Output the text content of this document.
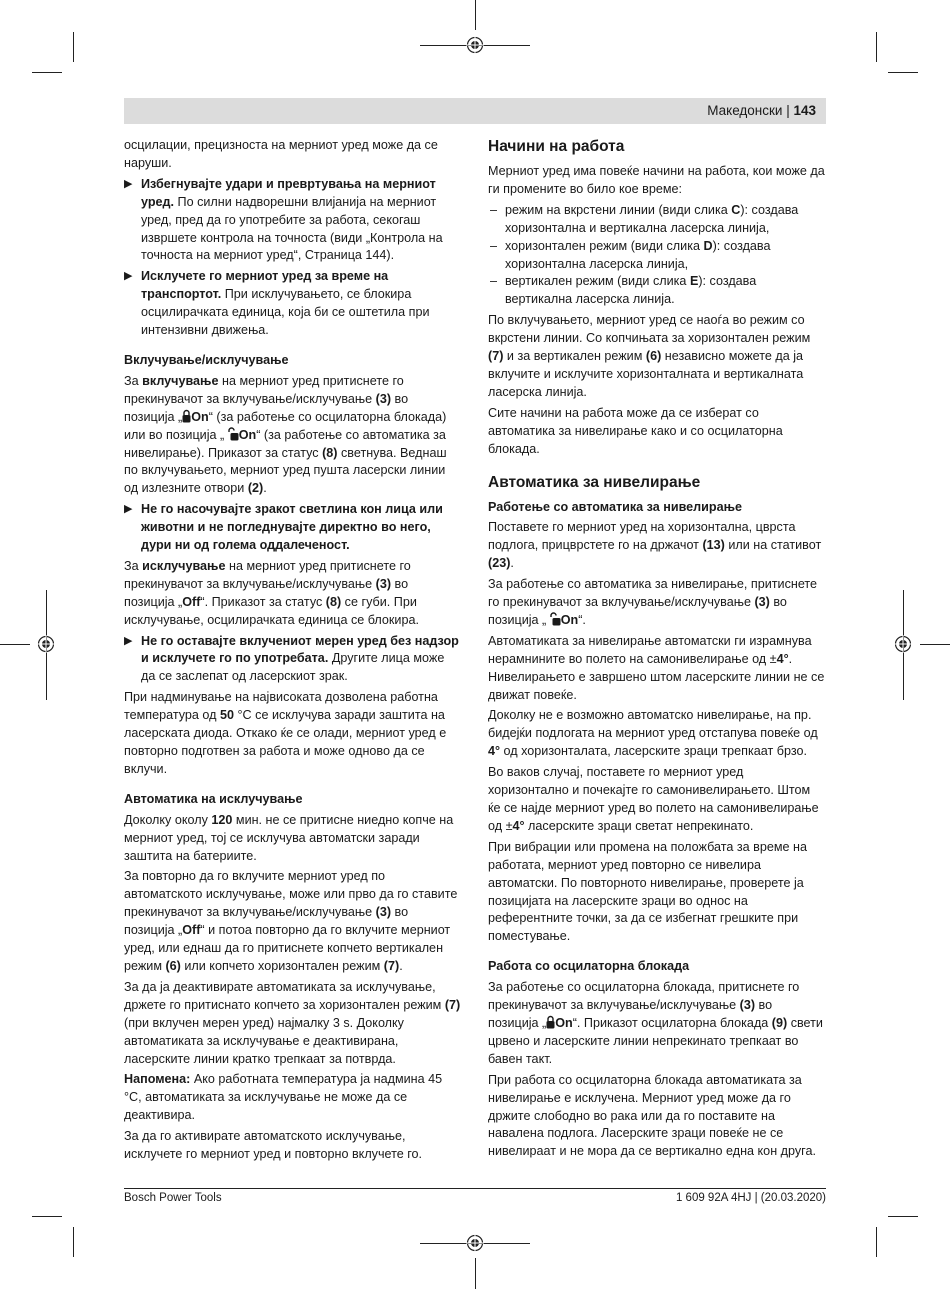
Македонски | 143

осцилации, прецизноста на мерниот уред може да се наруши.

▶ Избегнувајте удари и превртувања на мерниот уред. По силни надворешни влијанија на мерниот уред, пред да го употребите за работа, секогаш извршете контрола на точноста (види „Контрола на точноста на мерниот уред“, Страница 144).
▶ Исклучете го мерниот уред за време на транспортот. При исклучувањето, се блокира осцилирачката единица, која би се оштетила при интензивни движења.
Вклучување/исклучување

За вклучување на мерниот уред притиснете го прекинувачот за вклучување/исклучување (3) во позиција „ On“ (за работење со осцилаторна блокада) или во позиција „ On“ (за работење со автоматика за нивелирање). Приказот за статус (8) светнува. Веднаш по вклучувањето, мерниот уред пушта ласерски линии од излезните отвори (2).

▶ Не го насочувајте зракот светлина кон лица или животни и не погледнувајте директно во него, дури ни од голема оддалеченост.

За исклучување на мерниот уред притиснете го прекинувачот за вклучување/исклучување (3) во позиција „Off“. Приказот за статус (8) се губи. При исклучување, осцилирачката единица се блокира.

▶ Не го оставајте вклучениот мерен уред без надзор и исклучете го по употребата. Другите лица може да се заслепат од ласерскиот зрак.

При надминување на највисоката дозволена работна температура од 50 °C се исклучува заради заштита на ласерската диода. Откако ќе се олади, мерниот уред е повторно подготвен за работа и може одново да се вклучи.

Автоматика на исклучување

Доколку околу 120 мин. не се притисне ниедно копче на мерниот уред, тој се исклучува автоматски заради заштита на батериите.

За повторно да го вклучите мерниот уред по автоматското исклучување, може или прво да го ставите прекинувачот за вклучување/исклучување (3) во позиција „Off“ и потоа повторно да го вклучите мерниот уред, или еднаш да го притиснете копчето вертикален режим (6) или копчето хоризонтален режим (7).

За да ја деактивирате автоматиката за исклучување, држете го притиснато копчето за хоризонтален режим (7) (при вклучен мерен уред) најмалку 3 s. Доколку автоматиката за исклучување е деактивирана, ласерските линии кратко трепкаат за потврда.

Напомена: Ако работната температура ја надмина 45 °C, автоматиката за исклучување не може да се деактивира.

За да го активирате автоматското исклучување, исклучете го мерниот уред и повторно вклучете го.

Начини на работа

Мерниот уред има повеќе начини на работа, кои може да ги промените во било кое време:

– режим на вкрстени линии (види слика C): создава хоризонтална и вертикална ласерска линија,
– хоризонтален режим (види слика D): создава хоризонтална ласерска линија,
– вертикален режим (види слика E): создава вертикална ласерска линија.

По вклучувањето, мерниот уред се наоѓа во режим со вкрстени линии. Со копчињата за хоризонтален режим (7) и за вертикален режим (6) независно можете да ја вклучите и исклучите хоризонталната и вертикалната ласерска линија.

Сите начини на работа може да се изберат со автоматика за нивелирање како и со осцилаторна блокада.

Автоматика за нивелирање
Работење со автоматика за нивелирање

Поставете го мерниот уред на хоризонтална, цврста подлога, прицврстете го на држачот (13) или на стативот (23).

За работење со автоматика за нивелирање, притиснете го прекинувачот за вклучување/исклучување (3) во позиција „ On“.

Автоматиката за нивелирање автоматски ги израмнува нерамнините во полето на самонивелирање од ±4°. Нивелирањето е завршено штом ласерските линии не се движат повеќе.

Доколку не е возможно автоматско нивелирање, на пр. бидејќи подлогата на мерниот уред отстапува повеќе од 4° од хоризонталата, ласерските зраци трепкаат брзо.

Во ваков случај, поставете го мерниот уред хоризонтално и почекајте го самонивелирањето. Штом ќе се најде мерниот уред во полето на самонивелирање од ±4° ласерските зраци светат непрекинато.

При вибрации или промена на положбата за време на работата, мерниот уред повторно се нивелира автоматски. По повторното нивелирање, проверете ја позицијата на ласерските зраци во однос на референтните точки, за да се избегнат грешките при поместување.

Работа со осцилаторна блокада

За работење со осцилаторна блокада, притиснете го прекинувачот за вклучување/исклучување (3) во позиција „ On“. Приказот осцилаторна блокада (9) свети црвено и ласерските линии непрекинато трепкаат во бавен такт.

При работа со осцилаторна блокада автоматиката за нивелирање е исклучена. Мерниот уред може да го држите слободно во рака или да го поставите на навалена подлога. Ласерските зраци повеќе не се нивелираат и не мора да се вертикално една кон друга.

Bosch Power Tools	1 609 92A 4HJ | (20.03.2020)
